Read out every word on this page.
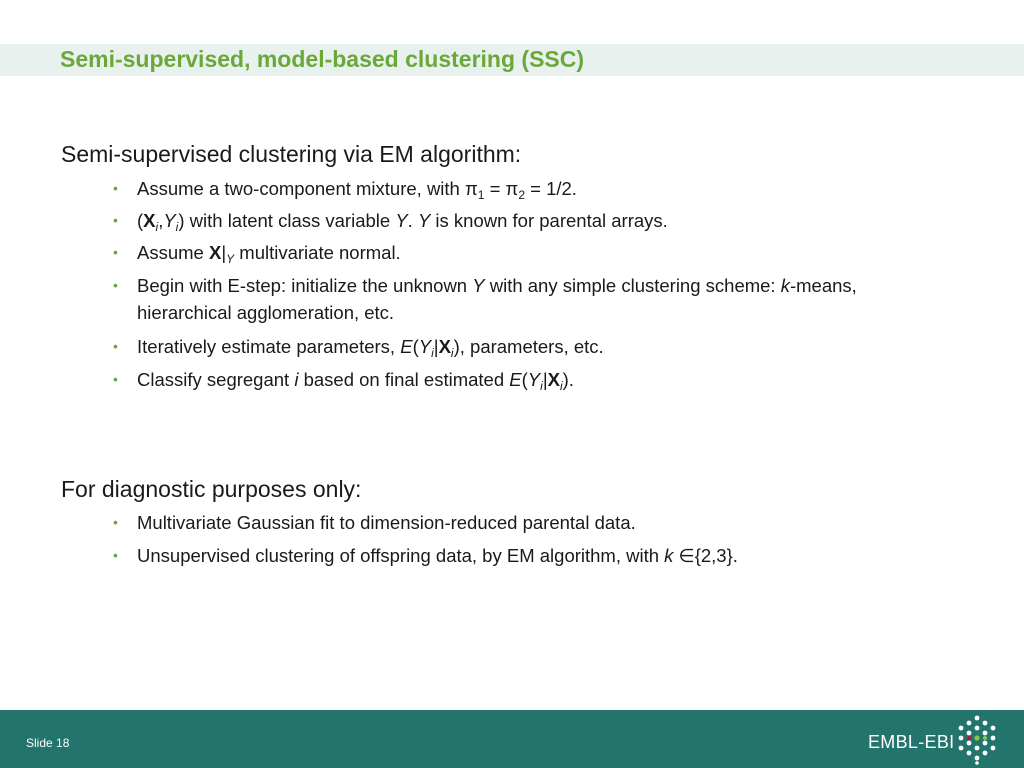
Semi-supervised, model-based clustering (SSC)
Semi-supervised clustering via EM algorithm:
• Assume a two-component mixture, with $\pi_1 = \pi_2 = 1/2$.
• $(X_i,Y_i)$ with latent class variable Y. Y is known for parental arrays.
• Assume $X|_Y$ multivariate normal.
• Begin with E-step: initialize the unknown Y with any simple clustering scheme: k-means, hierarchical agglomeration, etc.
• Iteratively estimate parameters, $E(Y_i|X_i)$, parameters, etc.
• Classify segregant i based on final estimated $E(Y_i|X_i)$.
For diagnostic purposes only:
• Multivariate Gaussian fit to dimension-reduced parental data.
• Unsupervised clustering of offspring data, by EM algorithm, with k ∈{2,3}.
Slide 18	EMBL-EBI
